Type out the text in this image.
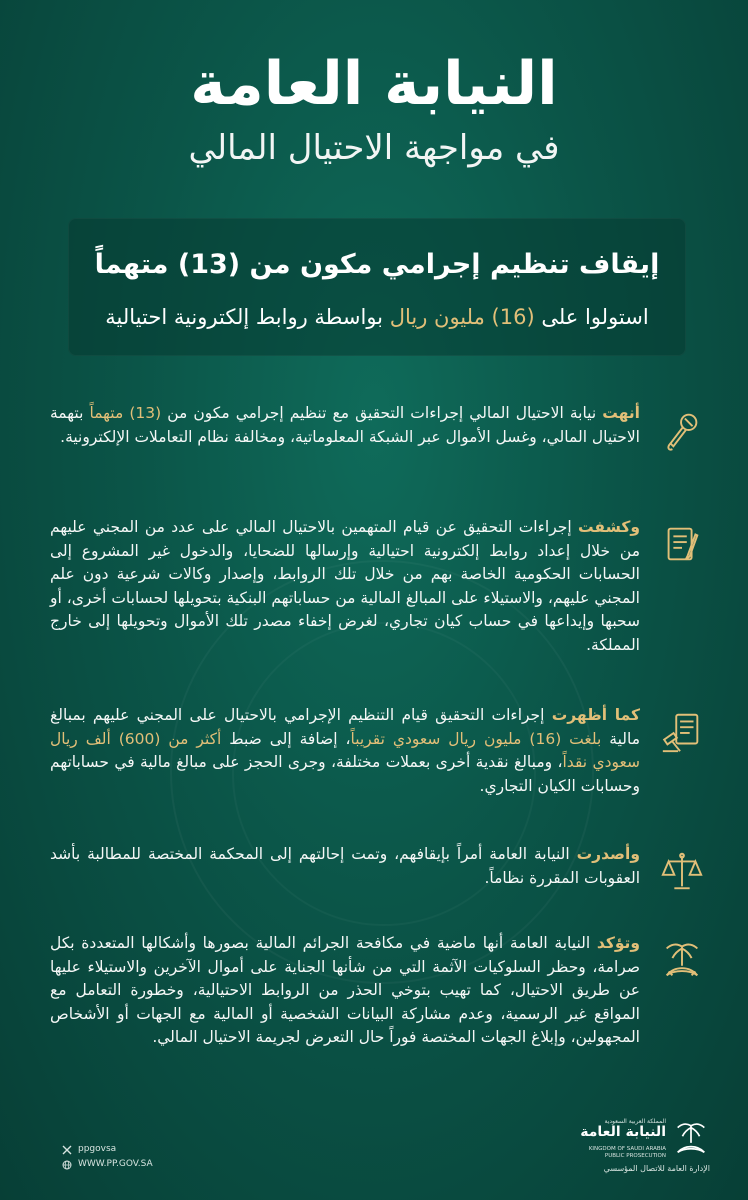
النيابة العامة
في مواجهة الاحتيال المالي
إيقاف تنظيم إجرامي مكون من (13) متهماً
استولوا على (16) مليون ريال بواسطة روابط إلكترونية احتيالية
أنهت نيابة الاحتيال المالي إجراءات التحقيق مع تنظيم إجرامي مكون من (13) متهماً بتهمة الاحتيال المالي، وغسل الأموال عبر الشبكة المعلوماتية، ومخالفة نظام التعاملات الإلكترونية.
وكشفت إجراءات التحقيق عن قيام المتهمين بالاحتيال المالي على عدد من المجني عليهم من خلال إعداد روابط إلكترونية احتيالية وإرسالها للضحايا، والدخول غير المشروع إلى الحسابات الحكومية الخاصة بهم من خلال تلك الروابط، وإصدار وكالات شرعية دون علم المجني عليهم، والاستيلاء على المبالغ المالية من حساباتهم البنكية بتحويلها لحسابات أخرى، أو سحبها وإيداعها في حساب كيان تجاري، لغرض إخفاء مصدر تلك الأموال وتحويلها إلى خارج المملكة.
كما أظهرت إجراءات التحقيق قيام التنظيم الإجرامي بالاحتيال على المجني عليهم بمبالغ مالية بلغت (16) مليون ريال سعودي تقريباً، إضافة إلى ضبط أكثر من (600) ألف ريال سعودي نقداً، ومبالغ نقدية أخرى بعملات مختلفة، وجرى الحجز على مبالغ مالية في حساباتهم وحسابات الكيان التجاري.
وأصدرت النيابة العامة أمراً بإيقافهم، وتمت إحالتهم إلى المحكمة المختصة للمطالبة بأشد العقوبات المقررة نظاماً.
وتؤكد النيابة العامة أنها ماضية في مكافحة الجرائم المالية بصورها وأشكالها المتعددة بكل صرامة، وحظر السلوكيات الآثمة التي من شأنها الجناية على أموال الآخرين والاستيلاء عليها عن طريق الاحتيال، كما تهيب بتوخي الحذر من الروابط الاحتيالية، وخطورة التعامل مع المواقع غير الرسمية، وعدم مشاركة البيانات الشخصية أو المالية مع الجهات أو الأشخاص المجهولين، وإبلاغ الجهات المختصة فوراً حال التعرض لجريمة الاحتيال المالي.
ppgovsa
WWW.PP.GOV.SA
المملكة العربية السعودية
النيابة العامة
KINGDOM OF SAUDI ARABIA
PUBLIC PROSECUTION
الإدارة العامة للاتصال المؤسسي
